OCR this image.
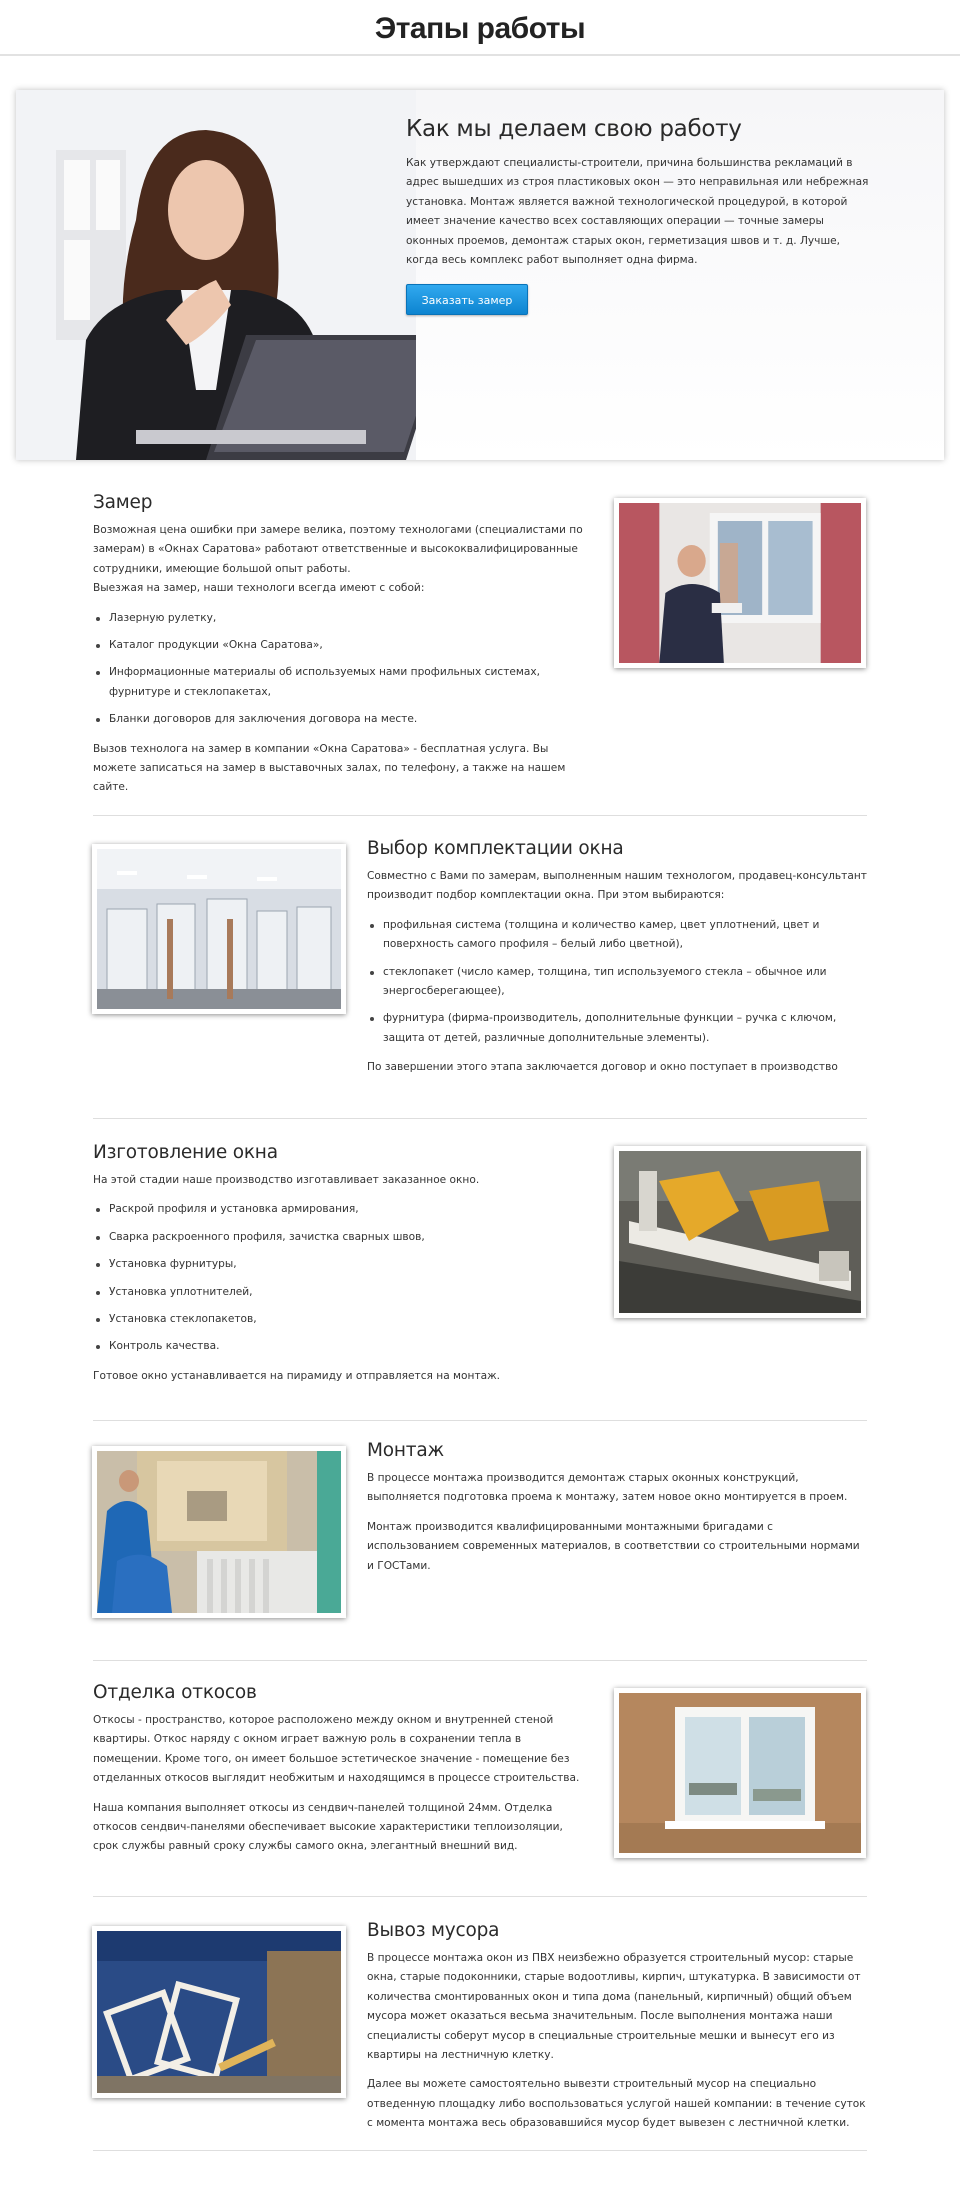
Этапы работы
Как мы делаем свою работу

Как утверждают специалисты-строители, причина большинства рекламаций в адрес вышедших из строя пластиковых окон — это неправильная или небрежная установка. Монтаж является важной технологической процедурой, в которой имеет значение качество всех составляющих операции — точные замеры оконных проемов, демонтаж старых окон, герметизация швов и т. д. Лучше, когда весь комплекс работ выполняет одна фирма.

Заказать замер
Замер

Возможная цена ошибки при замере велика, поэтому технологами (специалистами по замерам) в «Окнах Саратова» работают ответственные и высококвалифицированные сотрудники, имеющие большой опыт работы.

Выезжая на замер, наши технологи всегда имеют с собой:

Лазерную рулетку,
Каталог продукции «Окна Саратова»,
Информационные материалы об используемых нами профильных системах, фурнитуре и стеклопакетах,
Бланки договоров для заключения договора на месте.

Вызов технолога на замер в компании «Окна Саратова» - бесплатная услуга. Вы можете записаться на замер в выставочных залах, по телефону, а также на нашем сайте.

Выбор комплектации окна

Совместно с Вами по замерам, выполненным нашим технологом, продавец-консультант производит подбор комплектации окна. При этом выбираются:

профильная система (толщина и количество камер, цвет уплотнений, цвет и поверхность самого профиля – белый либо цветной),
стеклопакет (число камер, толщина, тип используемого стекла – обычное или энергосберегающее),
фурнитура (фирма-производитель, дополнительные функции – ручка с ключом, защита от детей, различные дополнительные элементы).

По завершении этого этапа заключается договор и окно поступает в производство

Изготовление окна

На этой стадии наше производство изготавливает заказанное окно.

Раскрой профиля и установка армирования,
Сварка раскроенного профиля, зачистка сварных швов,
Установка фурнитуры,
Установка уплотнителей,
Установка стеклопакетов,
Контроль качества.

Готовое окно устанавливается на пирамиду и отправляется на монтаж.

Монтаж

В процессе монтажа производится демонтаж старых оконных конструкций, выполняется подготовка проема к монтажу, затем новое окно монтируется в проем.

Монтаж производится квалифицированными монтажными бригадами с использованием современных материалов, в соответствии со строительными нормами и ГОСТами.

Отделка откосов

Откосы - пространство, которое расположено между окном и внутренней стеной квартиры. Откос наряду с окном играет важную роль в сохранении тепла в помещении. Кроме того, он имеет большое эстетическое значение - помещение без отделанных откосов выглядит необжитым и находящимся в процессе строительства.

Наша компания выполняет откосы из сендвич-панелей толщиной 24мм. Отделка откосов сендвич-панелями обеспечивает высокие характеристики теплоизоляции, срок службы равный сроку службы самого окна, элегантный внешний вид.

Вывоз мусора

В процессе монтажа окон из ПВХ неизбежно образуется строительный мусор: старые окна, старые подоконники, старые водоотливы, кирпич, штукатурка. В зависимости от количества смонтированных окон и типа дома (панельный, кирпичный) общий объем мусора может оказаться весьма значительным. После выполнения монтажа наши специалисты соберут мусор в специальные строительные мешки и вынесут его из квартиры на лестничную клетку.

Далее вы можете самостоятельно вывезти строительный мусор на специально отведенную площадку либо воспользоваться услугой нашей компании: в течение суток с момента монтажа весь образовавшийся мусор будет вывезен с лестничной клетки.
